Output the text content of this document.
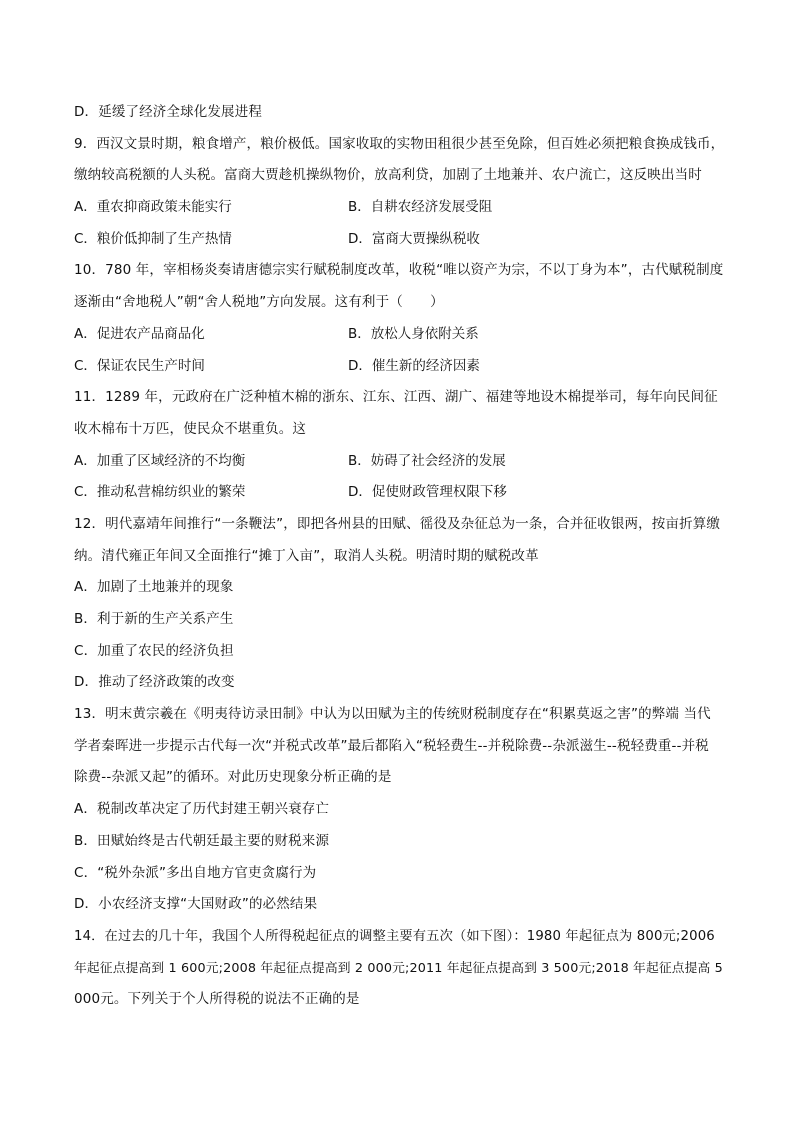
D．延缓了经济全球化发展进程
9．西汉文景时期，粮食增产，粮价极低。国家收取的实物田租很少甚至免除，但百姓必须把粮食换成钱币，
缴纳较高税额的人头税。富商大贾趁机操纵物价，放高利贷，加剧了土地兼并、农户流亡，这反映出当时
A．重农抑商政策未能实行	B．自耕农经济发展受阻
C．粮价低抑制了生产热情	D．富商大贾操纵税收
10．780 年，宰相杨炎奏请唐德宗实行赋税制度改革，收税“唯以资产为宗，不以丁身为本”，古代赋税制度
逐渐由“舍地税人”朝“舍人税地”方向发展。这有利于（　　）
A．促进农产品商品化	B．放松人身依附关系
C．保证农民生产时间	D．催生新的经济因素
11．1289 年，元政府在广泛种植木棉的浙东、江东、江西、湖广、福建等地设木棉提举司，每年向民间征
收木棉布十万匹，使民众不堪重负。这
A．加重了区域经济的不均衡	B．妨碍了社会经济的发展
C．推动私营棉纺织业的繁荣	D．促使财政管理权限下移
12．明代嘉靖年间推行“一条鞭法”，即把各州县的田赋、徭役及杂征总为一条，合并征收银两，按亩折算缴
纳。清代雍正年间又全面推行“摊丁入亩”，取消人头税。明清时期的赋税改革
A．加剧了土地兼并的现象
B．利于新的生产关系产生
C．加重了农民的经济负担
D．推动了经济政策的改变
13．明末黄宗羲在《明夷待访录田制》中认为以田赋为主的传统财税制度存在“积累莫返之害”的弊端 当代
学者秦晖进一步提示古代每一次“并税式改革”最后都陷入“税轻费生--并税除费--杂派滋生--税轻费重--并税
除费--杂派又起”的循环。对此历史现象分析正确的是
A．税制改革决定了历代封建王朝兴衰存亡
B．田赋始终是古代朝廷最主要的财税来源
C．“税外杂派”多出自地方官吏贪腐行为
D．小农经济支撑“大国财政”的必然结果
14．在过去的几十年，我国个人所得税起征点的调整主要有五次（如下图）：1980 年起征点为 800元;2006
年起征点提高到 1 600元;2008 年起征点提高到 2 000元;2011 年起征点提高到 3 500元;2018 年起征点提高 5
000元。下列关于个人所得税的说法不正确的是
